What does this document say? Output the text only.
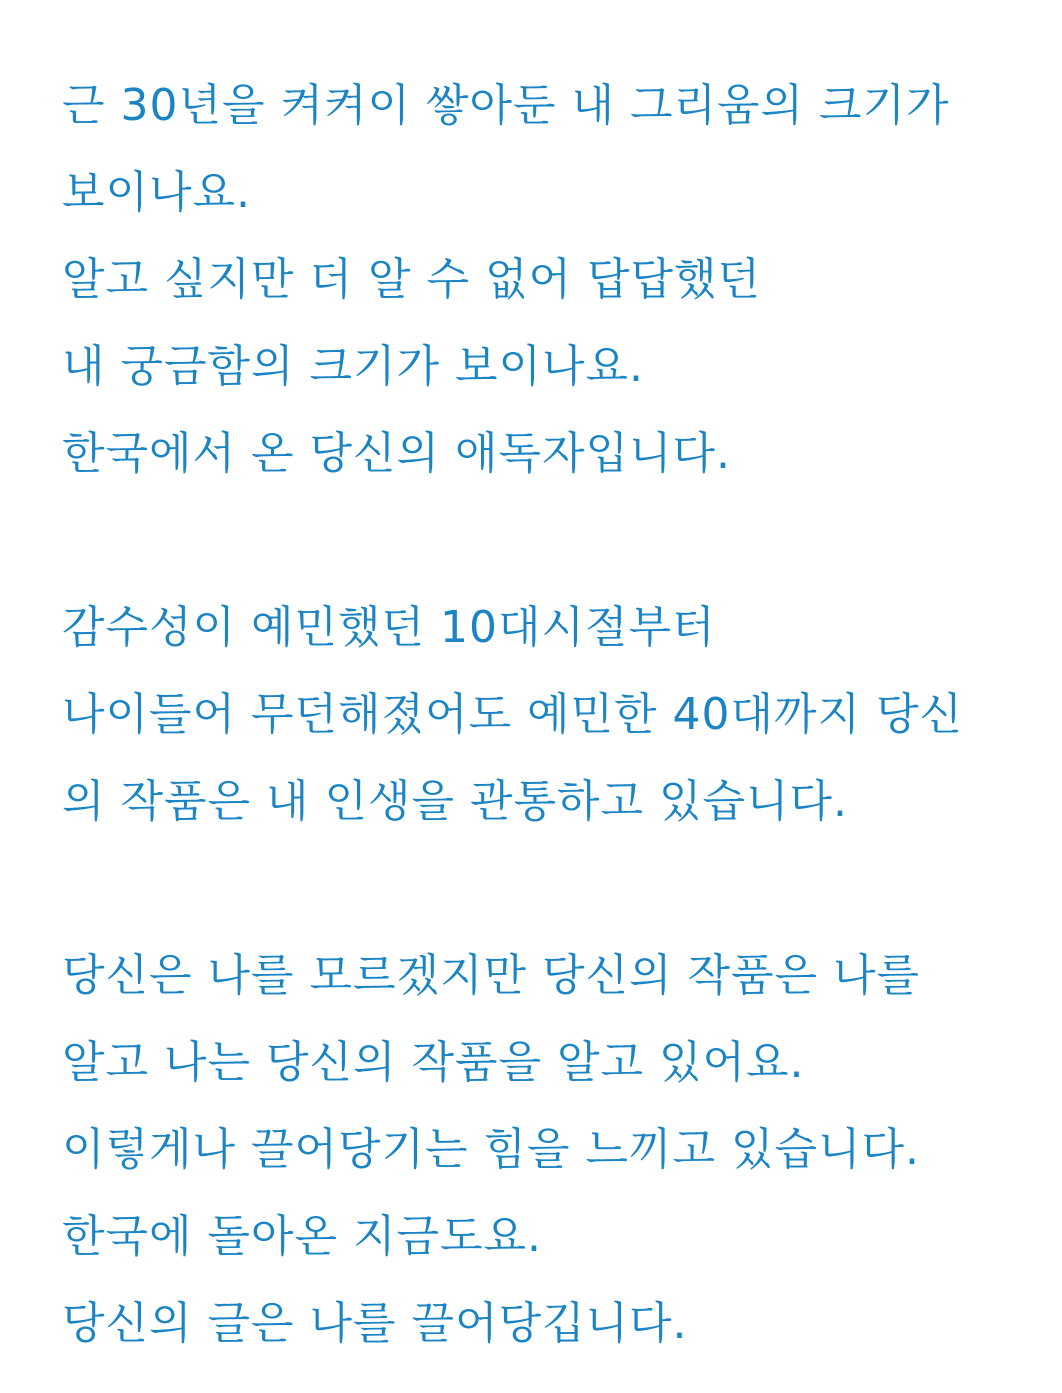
근 30년을 켜켜이 쌓아둔 내 그리움의 크기가
보이나요.
알고 싶지만 더 알 수 없어 답답했던
내 궁금함의 크기가 보이나요.
한국에서 온 당신의 애독자입니다.
감수성이 예민했던 10대시절부터
나이들어 무던해졌어도 예민한 40대까지 당신
의 작품은 내 인생을 관통하고 있습니다.
당신은 나를 모르겠지만 당신의 작품은 나를
알고 나는 당신의 작품을 알고 있어요.
이렇게나 끌어당기는 힘을 느끼고 있습니다.
한국에 돌아온 지금도요.
당신의 글은 나를 끌어당깁니다.
